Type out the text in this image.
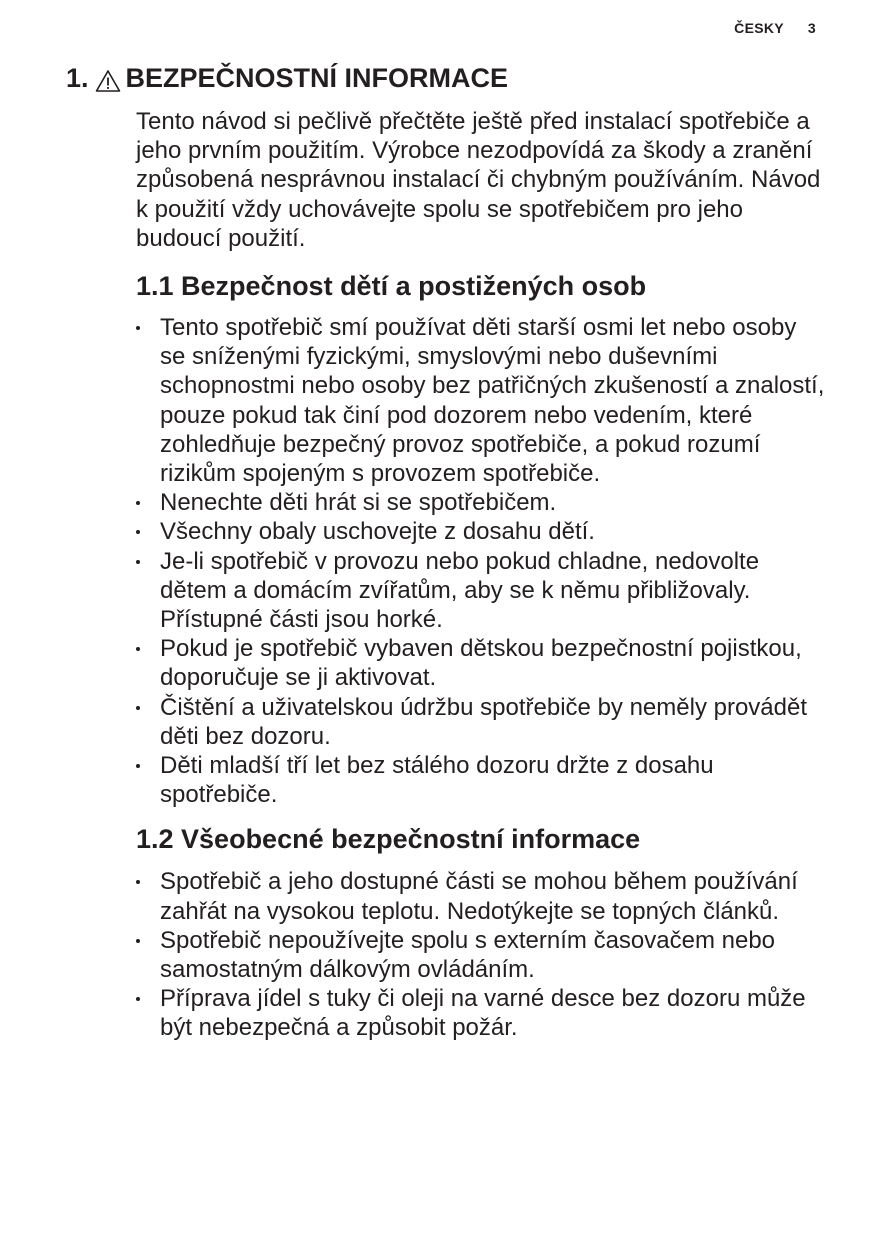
ČESKY 3
1. BEZPEČNOSTNÍ INFORMACE

Tento návod si pečlivě přečtěte ještě před instalací spotřebiče a jeho prvním použitím. Výrobce nezodpovídá za škody a zranění způsobená nesprávnou instalací či chybným používáním. Návod k použití vždy uchovávejte spolu se spotřebičem pro jeho budoucí použití.

1.1 Bezpečnost dětí a postižených osob
Tento spotřebič smí používat děti starší osmi let nebo osoby se sníženými fyzickými, smyslovými nebo duševními schopnostmi nebo osoby bez patřičných zkušeností a znalostí, pouze pokud tak činí pod dozorem nebo vedením, které zohledňuje bezpečný provoz spotřebiče, a pokud rozumí rizikům spojeným s provozem spotřebiče.
Nenechte děti hrát si se spotřebičem.
Všechny obaly uschovejte z dosahu dětí.
Je-li spotřebič v provozu nebo pokud chladne, nedovolte dětem a domácím zvířatům, aby se k němu přibližovaly. Přístupné části jsou horké.
Pokud je spotřebič vybaven dětskou bezpečnostní pojistkou, doporučuje se ji aktivovat.
Čištění a uživatelskou údržbu spotřebiče by neměly provádět děti bez dozoru.
Děti mladší tří let bez stálého dozoru držte z dosahu spotřebiče.
1.2 Všeobecné bezpečnostní informace
Spotřebič a jeho dostupné části se mohou během používání zahřát na vysokou teplotu. Nedotýkejte se topných článků.
Spotřebič nepoužívejte spolu s externím časovačem nebo samostatným dálkovým ovládáním.
Příprava jídel s tuky či oleji na varné desce bez dozoru může být nebezpečná a způsobit požár.
